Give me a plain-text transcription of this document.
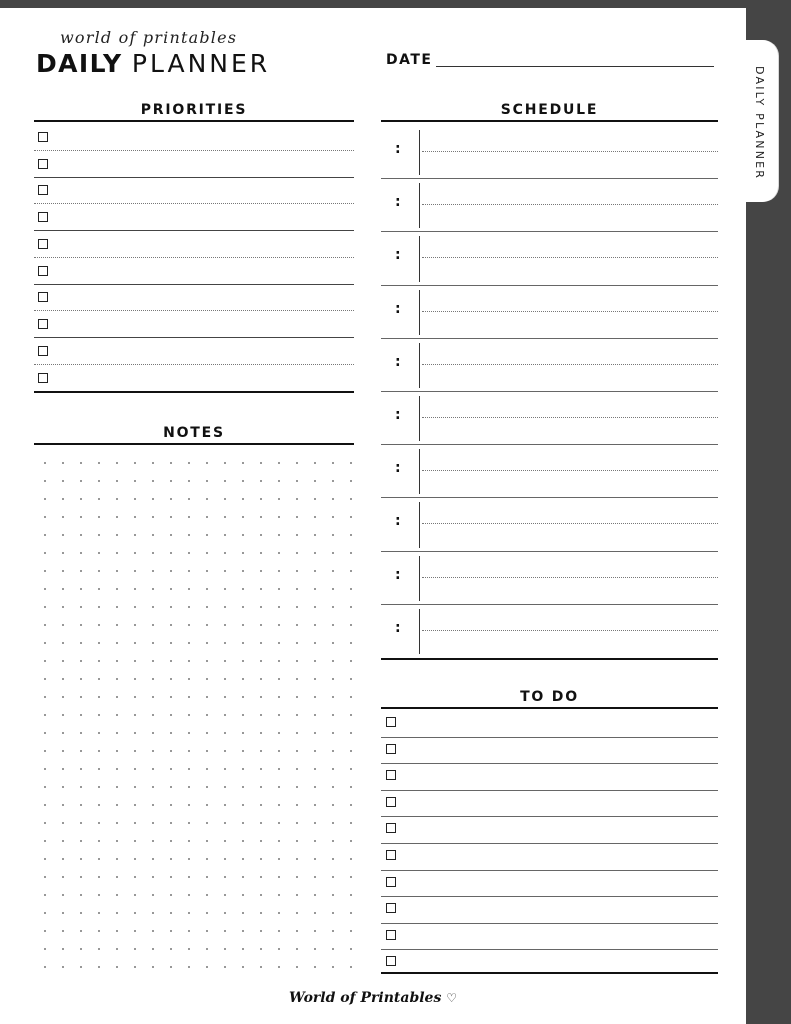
DAILY PLANNER
world of printables
DAILY PLANNER	DATE
PRIORITIES	SCHEDULE
NOTES
TO DO
World of Printables ♡
:
:
:
:
:
:
:
:
:
:
